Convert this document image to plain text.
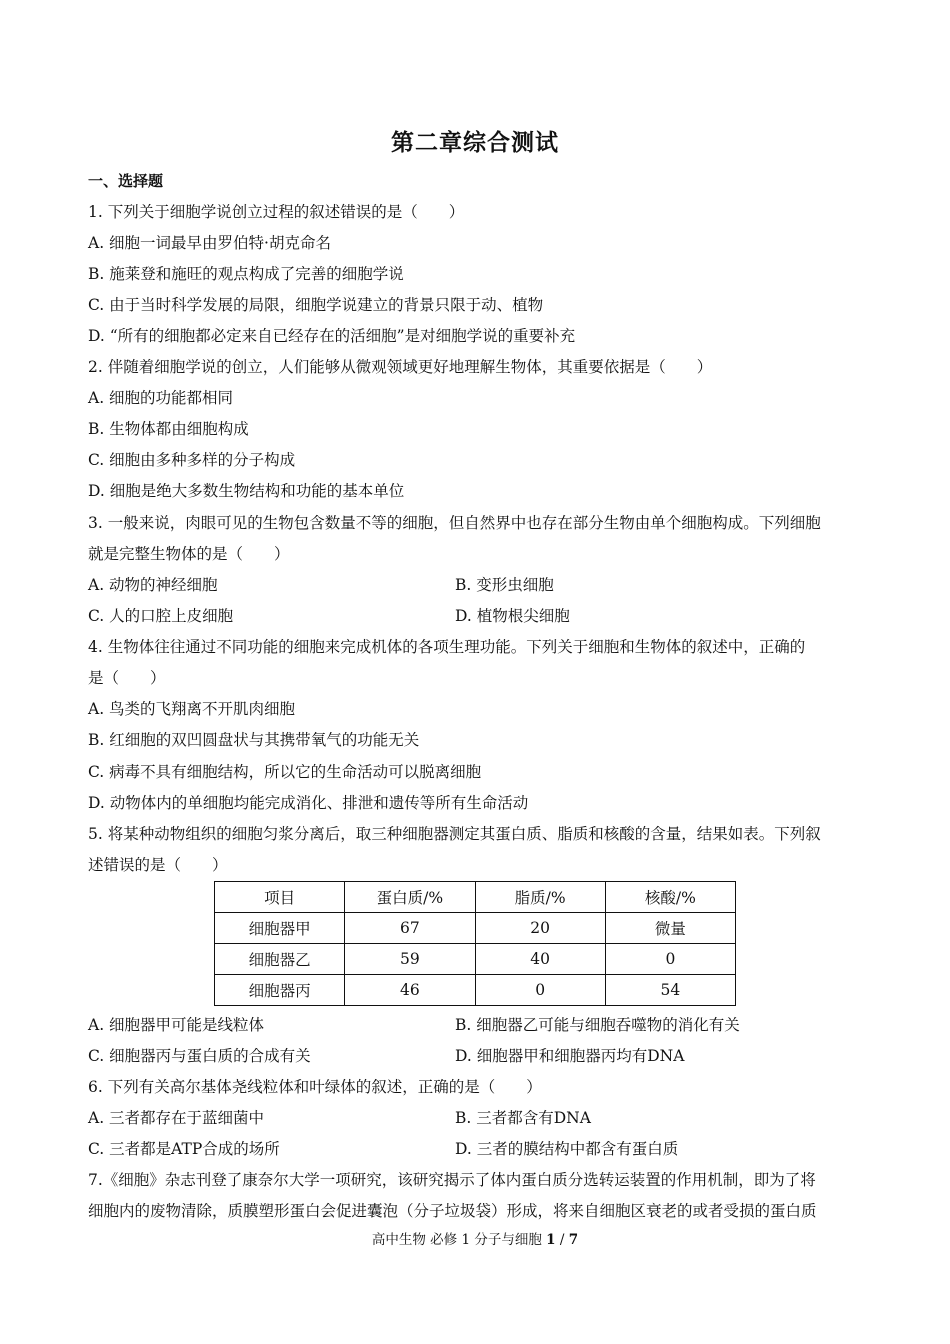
第二章综合测试
一、选择题
1. 下列关于细胞学说创立过程的叙述错误的是（　　）
A. 细胞一词最早由罗伯特·胡克命名
B. 施莱登和施旺的观点构成了完善的细胞学说
C. 由于当时科学发展的局限，细胞学说建立的背景只限于动、植物
D. “所有的细胞都必定来自已经存在的活细胞”是对细胞学说的重要补充
2. 伴随着细胞学说的创立，人们能够从微观领域更好地理解生物体，其重要依据是（　　）
A. 细胞的功能都相同
B. 生物体都由细胞构成
C. 细胞由多种多样的分子构成
D. 细胞是绝大多数生物结构和功能的基本单位
3. 一般来说，肉眼可见的生物包含数量不等的细胞，但自然界中也存在部分生物由单个细胞构成。下列细胞
就是完整生物体的是（　　）
A. 动物的神经细胞	B. 变形虫细胞
C. 人的口腔上皮细胞	D. 植物根尖细胞
4. 生物体往往通过不同功能的细胞来完成机体的各项生理功能。下列关于细胞和生物体的叙述中，正确的
是（　　）
A. 鸟类的飞翔离不开肌肉细胞
B. 红细胞的双凹圆盘状与其携带氧气的功能无关
C. 病毒不具有细胞结构，所以它的生命活动可以脱离细胞
D. 动物体内的单细胞均能完成消化、排泄和遗传等所有生命活动
5. 将某种动物组织的细胞匀浆分离后，取三种细胞器测定其蛋白质、脂质和核酸的含量，结果如表。下列叙
述错误的是（　　）
项目	蛋白质/%	脂质/%	核酸/%
细胞器甲	67	20	微量
细胞器乙	59	40	0
细胞器丙	46	0	54
A. 细胞器甲可能是线粒体	B. 细胞器乙可能与细胞吞噬物的消化有关
C. 细胞器丙与蛋白质的合成有关	D. 细胞器甲和细胞器丙均有DNA
6. 下列有关高尔基体尧线粒体和叶绿体的叙述，正确的是（　　）
A. 三者都存在于蓝细菌中	B. 三者都含有DNA
C. 三者都是ATP合成的场所	D. 三者的膜结构中都含有蛋白质
7.《细胞》杂志刊登了康奈尔大学一项研究，该研究揭示了体内蛋白质分选转运装置的作用机制，即为了将
细胞内的废物清除，质膜塑形蛋白会促进囊泡（分子垃圾袋）形成，将来自细胞区衰老的或者受损的蛋白质
高中生物 必修 1 分子与细胞 1 / 7
